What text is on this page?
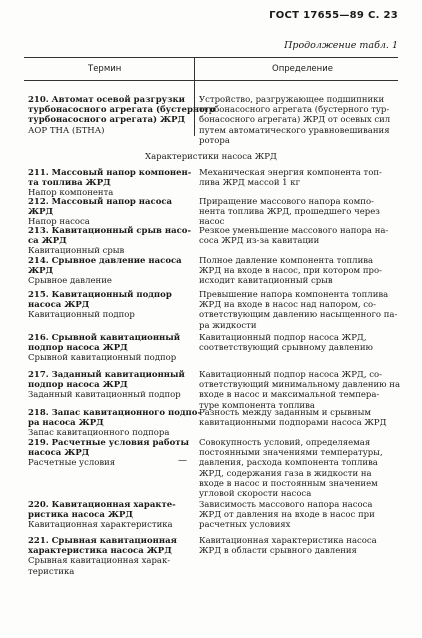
ГОСТ 17655—89 С. 23
Продолжение табл. 1
Термин	Определение
210. Автомат осевой разгрузки
турбонасосного агрегата (бустерного
турбонасосного агрегата) ЖРД
АОР ТНА (БТНА)
Устройство, разгружающее подшипники
турбонасосного агрегата (бустерного тур-
бонасосного агрегата) ЖРД от осевых сил
путем автоматического уравновешивания
ротора
Характеристики насоса ЖРД
211. Массовый напор компонен-
та топлива ЖРД
Напор компонента
Механическая энергия компонента топ-
лива ЖРД массой 1 кг
212. Массовый напор насоса
ЖРД
Напор насоса
Приращение массового напора компо-
нента топлива ЖРД, прошедшего через
насос
213. Кавитационный срыв насо-
са ЖРД
Кавитационный срыв
Резкое уменьшение массового напора на-
соса ЖРД из-за кавитации
214. Срывное давление насоса
ЖРД
Срывное давление
Полное давление компонента топлива
ЖРД на входе в насос, при котором про-
исходит кавитационный срыв
215. Кавитационный подпор
насоса ЖРД
Кавитационный подпор
Превышение напора компонента топлива
ЖРД на входе в насос над напором, со-
ответствующим давлению насыщенного па-
ра жидкости
216. Срывной кавитационный
подпор насоса ЖРД
Срывной кавитационный подпор
Кавитационный подпор насоса ЖРД,
соответствующий срывному давлению
217. Заданный кавитационный
подпор насоса ЖРД
Заданный кавитационный подпор
Кавитационный подпор насоса ЖРД, со-
ответствующий минимальному давлению на
входе в насос и максимальной темпера-
туре компонента топлива
218. Запас кавитационного подпо-
ра насоса ЖРД
Запас кавитационного подпора
Разность между заданным и срывным
кавитационными подпорами насоса ЖРД
219. Расчетные условия работы
насоса ЖРД
Расчетные условия	—
Совокупность условий, определяемая
постоянными значениями температуры,
давления, расхода компонента топлива
ЖРД, содержания газа в жидкости на
входе в насос и постоянным значением
угловой скорости насоса
220. Кавитационная характе-
ристика насоса ЖРД
Кавитационная характеристика
Зависимость массового напора насоса
ЖРД от давления на входе в насос при
расчетных условиях
221. Срывная кавитационная
характеристика насоса ЖРД
Срывная кавитационная харак-
теристика
Кавитационная характеристика насоса
ЖРД в области срывного давления
